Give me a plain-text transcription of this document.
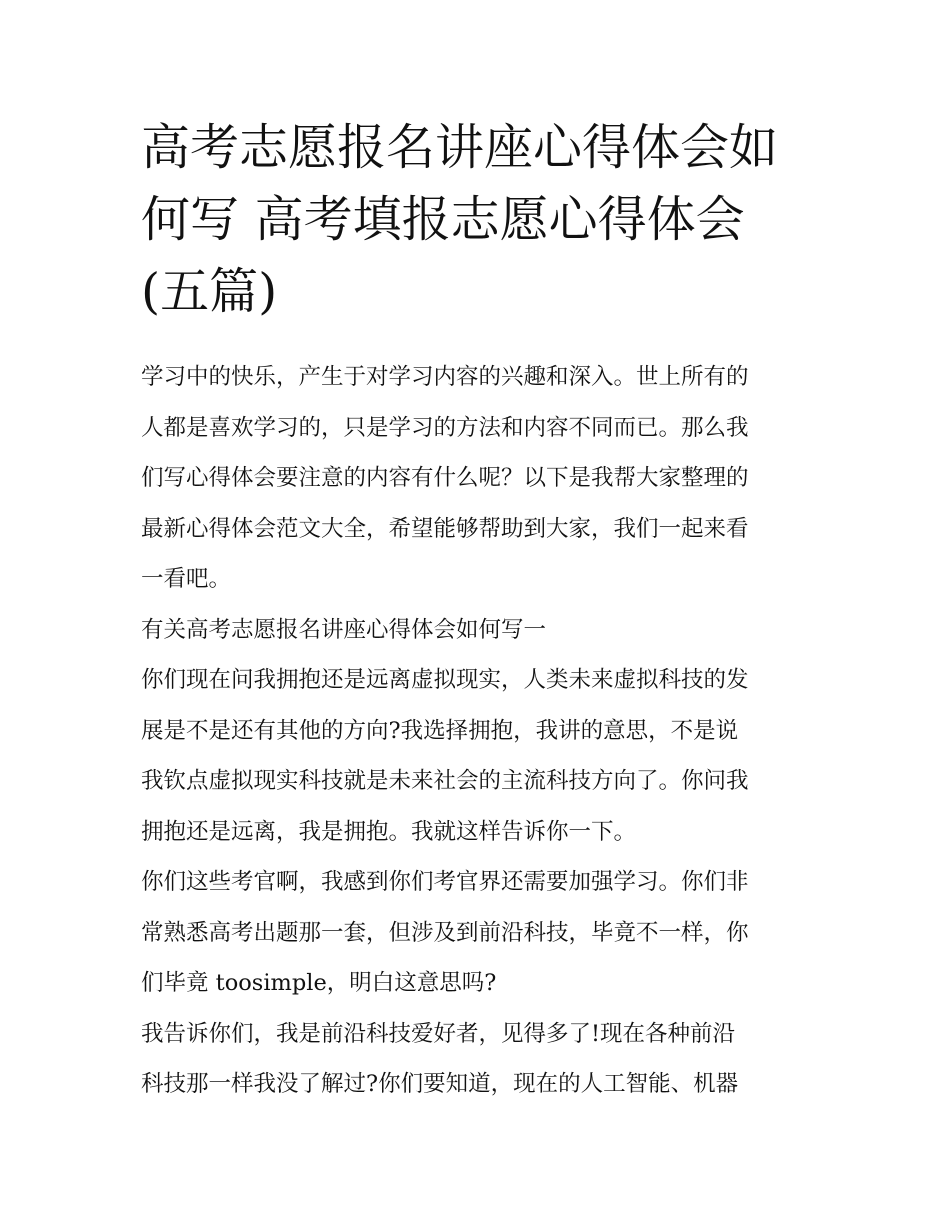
高考志愿报名讲座心得体会如
何写 高考填报志愿心得体会
(五篇)

学习中的快乐，产生于对学习内容的兴趣和深入。世上所有的
人都是喜欢学习的，只是学习的方法和内容不同而已。那么我
们写心得体会要注意的内容有什么呢？以下是我帮大家整理的
最新心得体会范文大全，希望能够帮助到大家，我们一起来看
一看吧。

有关高考志愿报名讲座心得体会如何写一

你们现在问我拥抱还是远离虚拟现实，人类未来虚拟科技的发
展是不是还有其他的方向?我选择拥抱，我讲的意思，不是说
我钦点虚拟现实科技就是未来社会的主流科技方向了。你问我
拥抱还是远离，我是拥抱。我就这样告诉你一下。

你们这些考官啊，我感到你们考官界还需要加强学习。你们非
常熟悉高考出题那一套，但涉及到前沿科技，毕竟不一样，你
们毕竟 toosimple，明白这意思吗?

我告诉你们，我是前沿科技爱好者，见得多了!现在各种前沿
科技那一样我没了解过?你们要知道，现在的人工智能、机器
